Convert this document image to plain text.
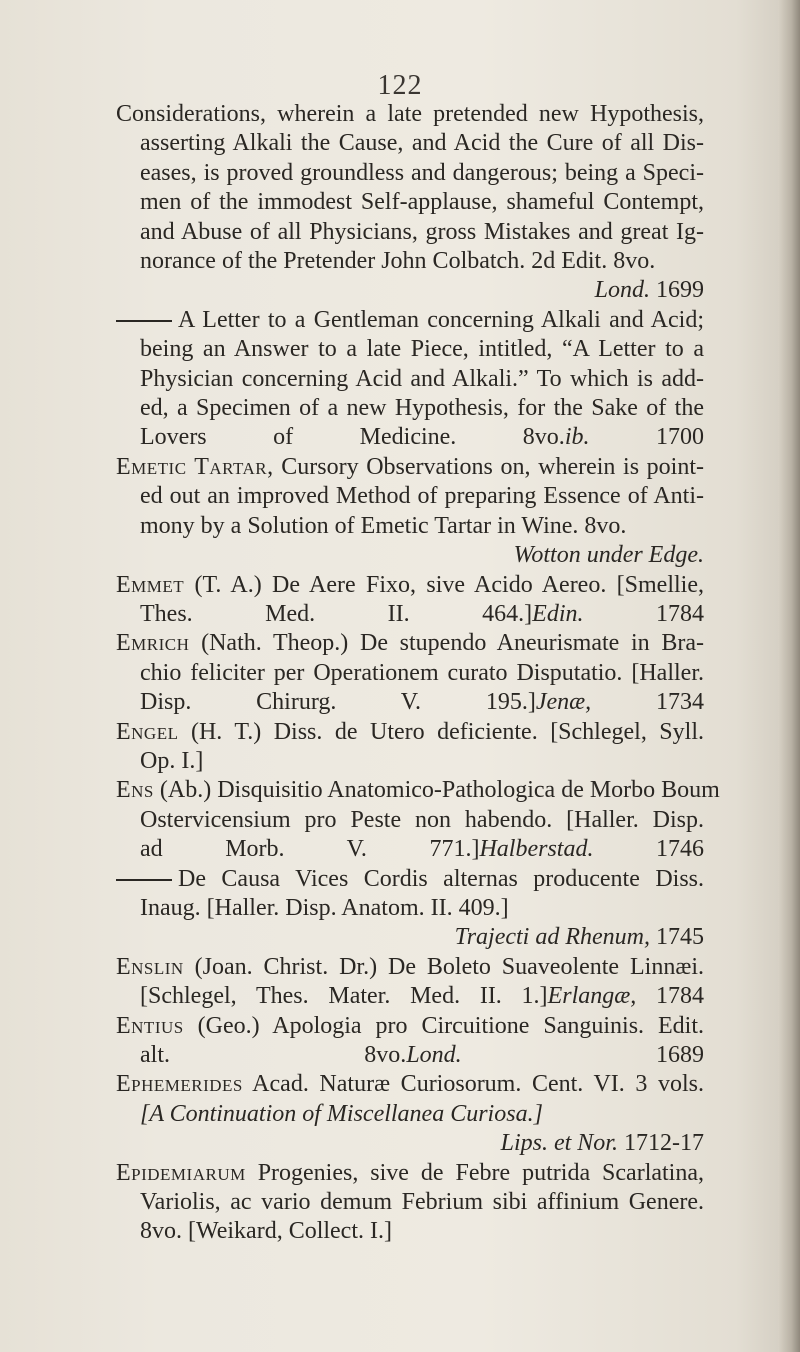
122

Considerations, wherein a late pretended new Hypothesis,
asserting Alkali the Cause, and Acid the Cure of all Dis-
eases, is proved groundless and dangerous; being a Speci-
men of the immodest Self-applause, shameful Contempt,
and Abuse of all Physicians, gross Mistakes and great Ig-
norance of the Pretender John Colbatch. 2d Edit. 8vo.
Lond. 1699

A Letter to a Gentleman concerning Alkali and Acid;
being an Answer to a late Piece, intitled, “A Letter to a
Physician concerning Acid and Alkali.” To which is add-
ed, a Specimen of a new Hypothesis, for the Sake of the
Lovers of Medicine. 8vo.ib.	1700

Emetic Tartar, Cursory Observations on, wherein is point-
ed out an improved Method of preparing Essence of Anti-
mony by a Solution of Emetic Tartar in Wine. 8vo.
Wotton under Edge.

Emmet (T. A.) De Aere Fixo, sive Acido Aereo. [Smellie,
Thes. Med. II. 464.]Edin.	1784

Emrich (Nath. Theop.) De stupendo Aneurismate in Bra-
chio feliciter per Operationem curato Disputatio. [Haller.
Disp. Chirurg. V. 195.]Jenæ,	1734

Engel (H. T.) Diss. de Utero deficiente. [Schlegel, Syll.
Op. I.]

Ens (Ab.) Disquisitio Anatomico-Pathologica de Morbo Boum
Ostervicensium pro Peste non habendo. [Haller. Disp.
ad Morb. V. 771.]Halberstad.	1746

De Causa Vices Cordis alternas producente Diss.
Inaug. [Haller. Disp. Anatom. II. 409.]
Trajecti ad Rhenum, 1745

Enslin (Joan. Christ. Dr.) De Boleto Suaveolente Linnæi.
[Schlegel, Thes. Mater. Med. II. 1.]Erlangæ, 1784

Entius (Geo.) Apologia pro Circuitione Sanguinis. Edit.
alt. 8vo.Lond.	1689

Ephemerides Acad. Naturæ Curiosorum. Cent. VI. 3 vols.
[A Continuation of Miscellanea Curiosa.]
Lips. et Nor. 1712-17

Epidemiarum Progenies, sive de Febre putrida Scarlatina,
Variolis, ac vario demum Febrium sibi affinium Genere.
8vo. [Weikard, Collect. I.]
